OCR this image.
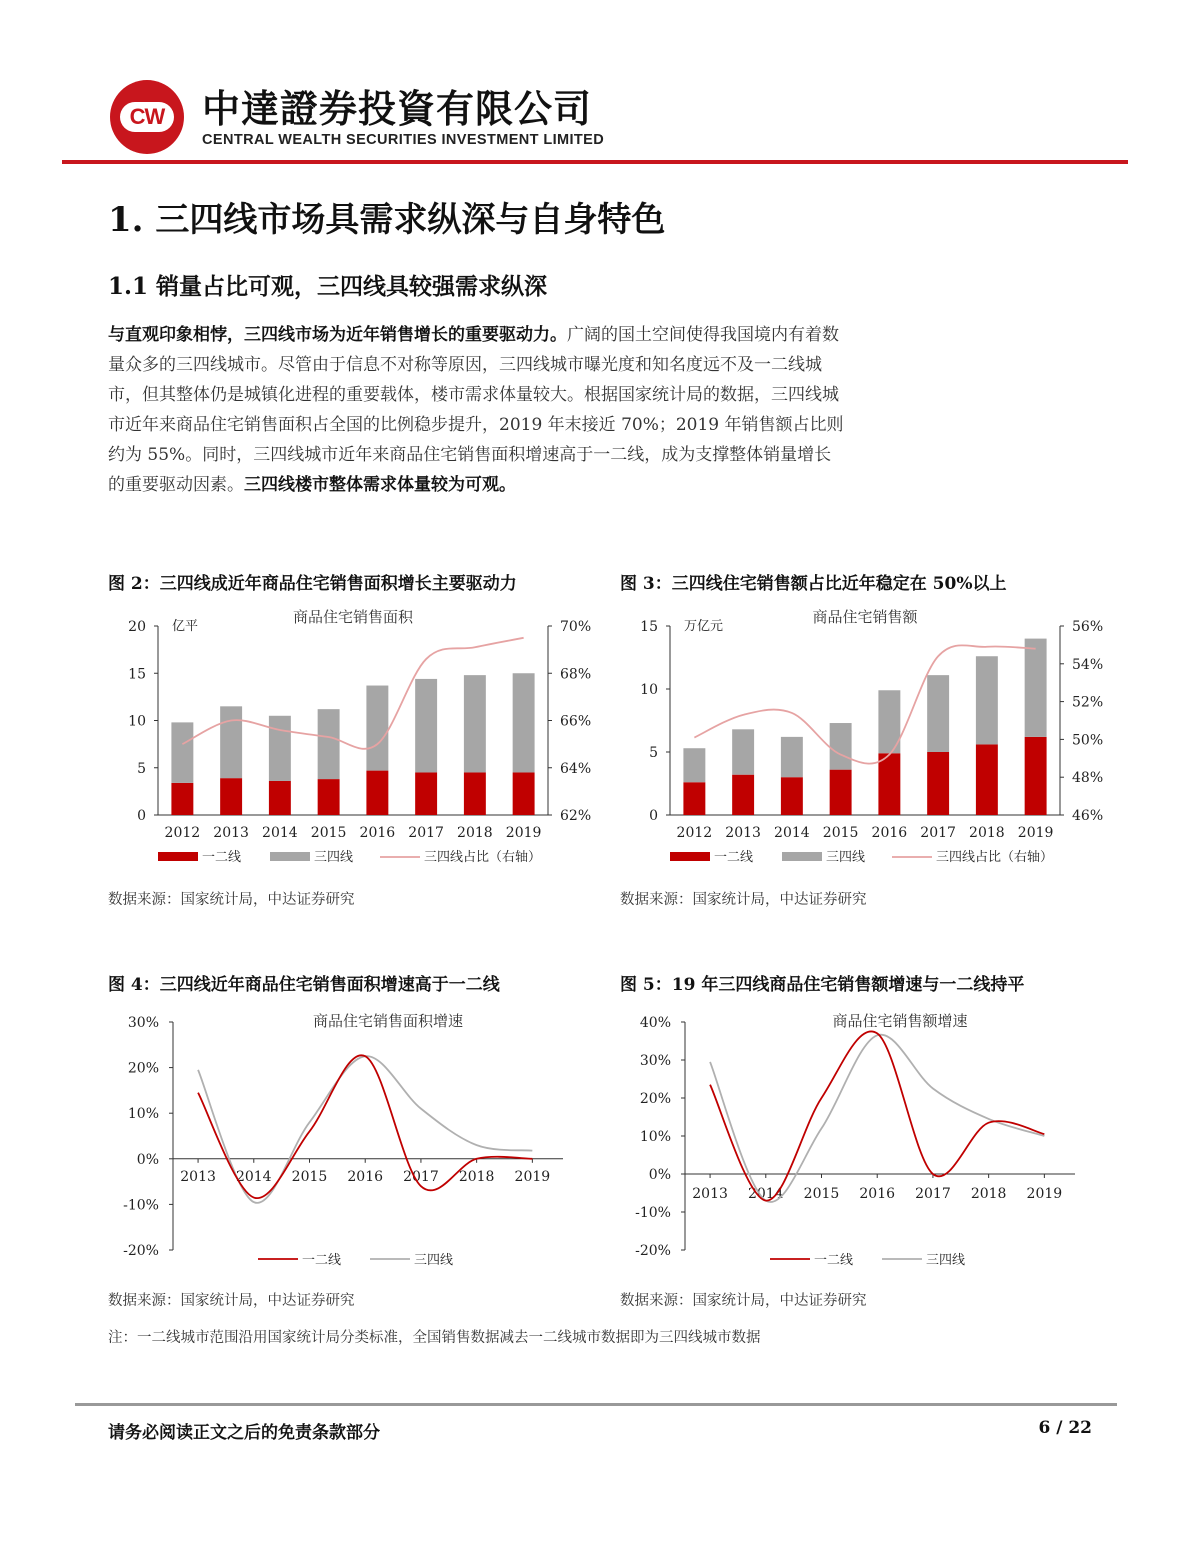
CW 中達證券投資有限公司
CENTRAL WEALTH SECURITIES INVESTMENT LIMITED
1. 三四线市场具需求纵深与自身特色
1.1 销量占比可观，三四线具较强需求纵深
与直观印象相悖，三四线市场为近年销售增长的重要驱动力。广阔的国土空间使得我国境内有着数量众多的三四线城市。尽管由于信息不对称等原因，三四线城市曝光度和知名度远不及一二线城市，但其整体仍是城镇化进程的重要载体，楼市需求体量较大。根据国家统计局的数据，三四线城市近年来商品住宅销售面积占全国的比例稳步提升，2019 年末接近 70%；2019 年销售额占比则约为 55%。同时，三四线城市近年来商品住宅销售面积增速高于一二线，成为支撑整体销量增长的重要驱动因素。三四线楼市整体需求体量较为可观。
图 2：三四线成近年商品住宅销售面积增长主要驱动力	图 3：三四线住宅销售额占比近年稳定在 50%以上
图 4：三四线近年商品住宅销售面积增速高于一二线	图 5：19 年三四线商品住宅销售额增速与一二线持平
0
5
10
15
20
62%
64%
66%
68%
70%
亿平
商品住宅销售面积
2012 2013 2014 2015 2016 2017 2018 2019
一二线	三四线	三四线占比（右轴）
0
5
10
15
46%
48%
50%
52%
54%
56%
万亿元
商品住宅销售额
2012 2013 2014 2015 2016 2017 2018 2019
一二线	三四线	三四线占比（右轴）
-20%
-10%
0%
10%
20%
30%	商品住宅销售面积增速
2013 2014 2015 2016 2017 2018 2019
一二线	三四线
-20%
-10%
0%
10%
20%
30%
40%	商品住宅销售额增速
2013 2014 2015 2016 2017 2018 2019
一二线	三四线
数据来源：国家统计局，中达证券研究	数据来源：国家统计局，中达证券研究
数据来源：国家统计局，中达证券研究	数据来源：国家统计局，中达证券研究
注：一二线城市范围沿用国家统计局分类标准，全国销售数据减去一二线城市数据即为三四线城市数据
请务必阅读正文之后的免责条款部分	6 / 22
